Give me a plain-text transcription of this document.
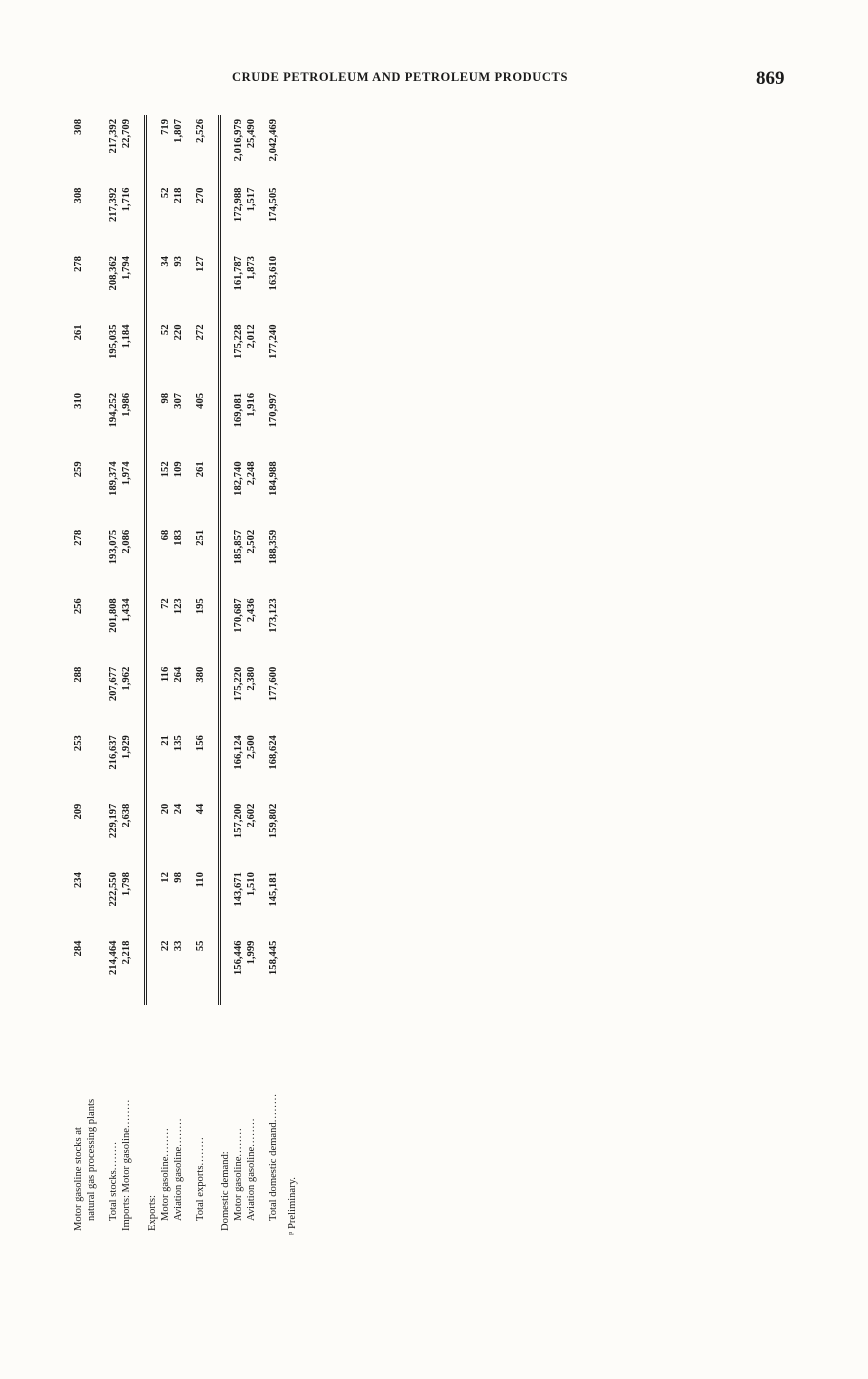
CRUDE PETROLEUM AND PETROLEUM PRODUCTS	869
Motor gasoline stocks at natural gas processing plants	284	234	209	253	288	256	278	259	310	261	278	308	308

Total stocks........	214,464	222,550	229,197	216,637	207,677	201,808	193,075	189,374	194,252	195,035	208,362	217,392	217,392
Imports: Motor gasoline........	2,218	1,798	2,638	1,929	1,962	1,434	2,086	1,974	1,986	1,184	1,794	1,716	22,709

Exports:													
Motor gasoline........	22	12	20	21	116	72	68	152	98	52	34	52	719
Aviation gasoline........	33	98	24	135	264	123	183	109	307	220	93	218	1,807

Total exports........	55	110	44	156	380	195	251	261	405	272	127	270	2,526

Domestic demand:													
Motor gasoline........	156,446	143,671	157,200	166,124	175,220	170,687	185,857	182,740	169,081	175,228	161,787	172,988	2,016,979
Aviation gasoline........	1,999	1,510	2,602	2,500	2,380	2,436	2,502	2,248	1,916	2,012	1,873	1,517	25,490

Total domestic demand........	158,445	145,181	159,802	168,624	177,600	173,123	188,359	184,988	170,997	177,240	163,610	174,505	2,042,469
ᵖ Preliminary.
